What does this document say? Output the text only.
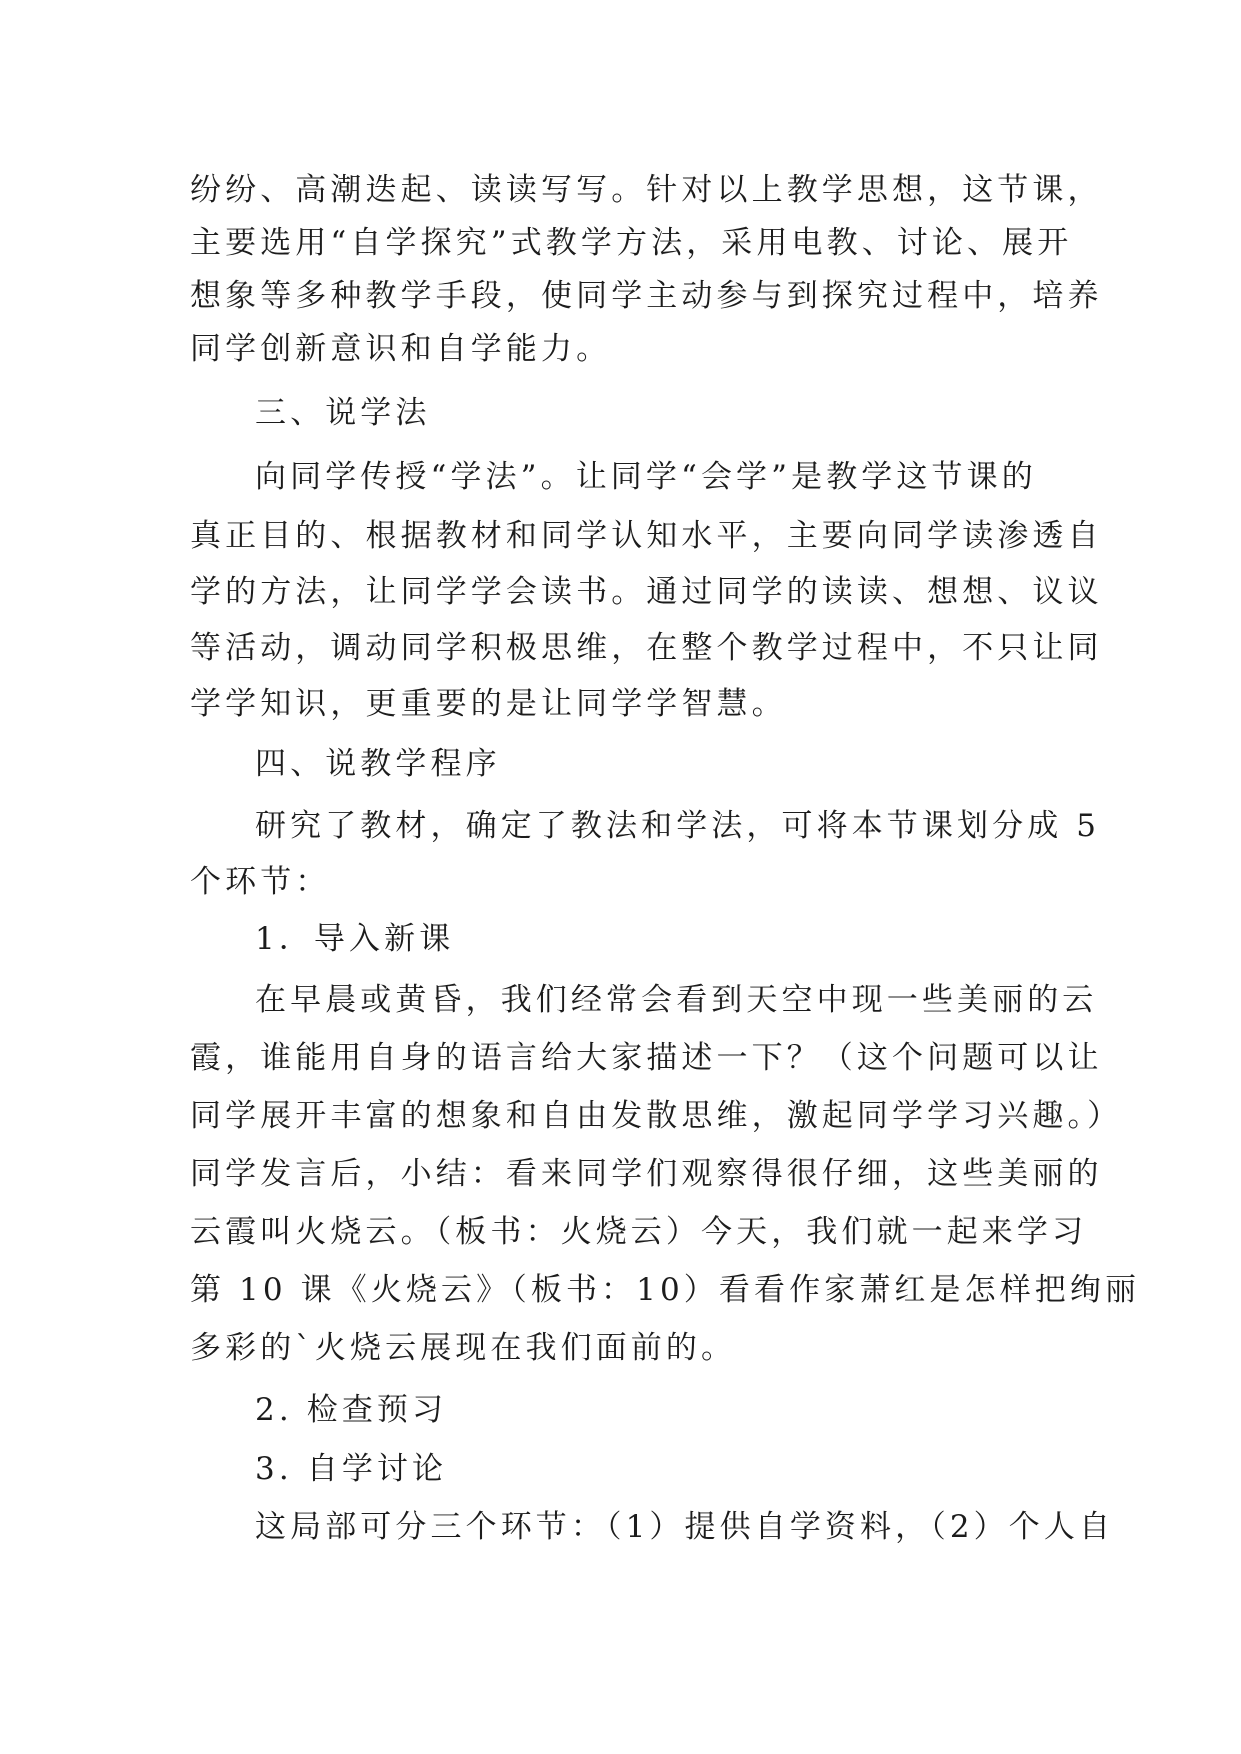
纷纷、高潮迭起、读读写写。针对以上教学思想，这节课，
主要选用“自学探究”式教学方法，采用电教、讨论、展开
想象等多种教学手段，使同学主动参与到探究过程中，培养
同学创新意识和自学能力。
三、说学法
向同学传授“学法”。让同学“会学”是教学这节课的
真正目的、根据教材和同学认知水平，主要向同学读渗透自
学的方法，让同学学会读书。通过同学的读读、想想、议议
等活动，调动同学积极思维，在整个教学过程中，不只让同
学学知识，更重要的是让同学学智慧。
四、说教学程序
研究了教材，确定了教法和学法，可将本节课划分成 5
个环节：
1．导入新课
在早晨或黄昏，我们经常会看到天空中现一些美丽的云
霞，谁能用自身的语言给大家描述一下？（这个问题可以让
同学展开丰富的想象和自由发散思维，激起同学学习兴趣。）
同学发言后，小结：看来同学们观察得很仔细，这些美丽的
云霞叫火烧云。（板书：火烧云）今天，我们就一起来学习
第 10 课《火烧云》（板书：10）看看作家萧红是怎样把绚丽
多彩的`火烧云展现在我们面前的。
2. 检查预习
3. 自学讨论
这局部可分三个环节：（1）提供自学资料，（2）个人自
